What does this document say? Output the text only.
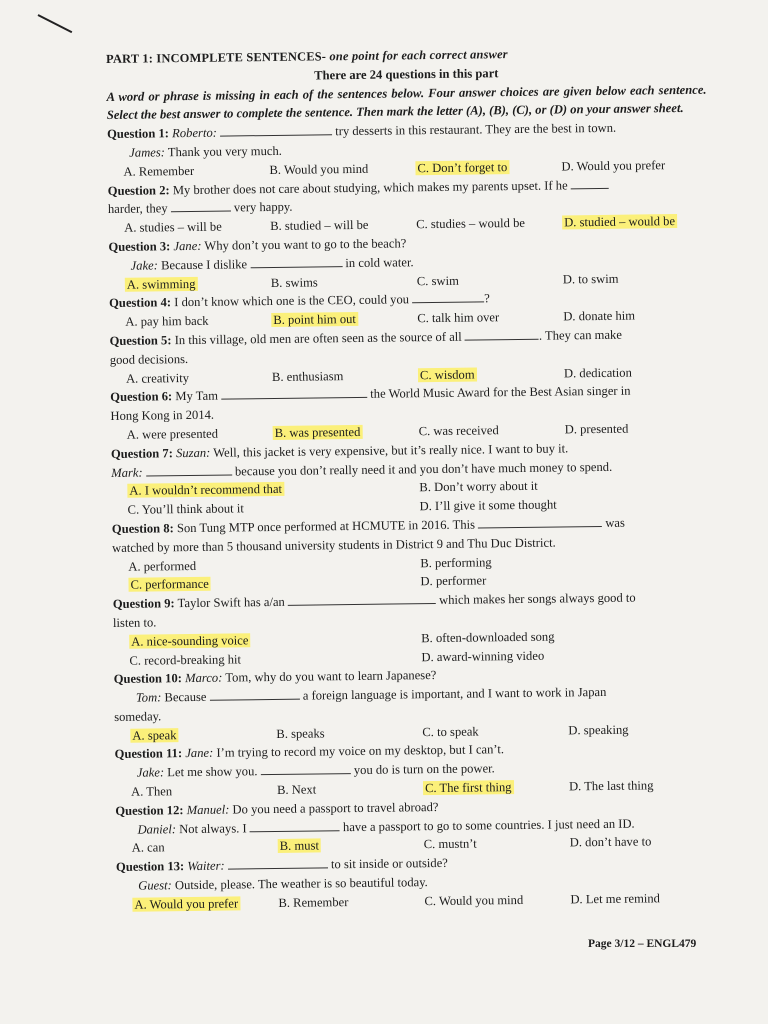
PART 1: INCOMPLETE SENTENCES- one point for each correct answer
There are 24 questions in this part
A word or phrase is missing in each of the sentences below. Four answer choices are given below each sentence. Select the best answer to complete the sentence. Then mark the letter (A), (B), (C), or (D) on your answer sheet.
Question 1: Roberto:	try desserts in this restaurant. They are the best in town.
James: Thank you very much.
A. Remember	B. Would you mind	C. Don’t forget to	D. Would you prefer
Question 2: My brother does not care about studying, which makes my parents upset. If he
harder, they	very happy.
A. studies – will be	B. studied – will be	C. studies – would be	D. studied – would be
Question 3: Jane: Why don’t you want to go to the beach?
Jake: Because I dislike	in cold water.
A. swimming	B. swims	C. swim	D. to swim
Question 4: I don’t know which one is the CEO, could you	?
A. pay him back	B. point him out	C. talk him over	D. donate him
Question 5: In this village, old men are often seen as the source of all	. They can make
good decisions.
A. creativity	B. enthusiasm	C. wisdom	D. dedication
Question 6: My Tam	the World Music Award for the Best Asian singer in
Hong Kong in 2014.
A. were presented	B. was presented	C. was received	D. presented
Question 7: Suzan: Well, this jacket is very expensive, but it’s really nice. I want to buy it.
Mark:	because you don’t really need it and you don’t have much money to spend.
A. I wouldn’t recommend that	B. Don’t worry about it
C. You’ll think about it	D. I’ll give it some thought
Question 8: Son Tung MTP once performed at HCMUTE in 2016. This	was
watched by more than 5 thousand university students in District 9 and Thu Duc District.
A. performed	B. performing
C. performance	D. performer
Question 9: Taylor Swift has a/an	which makes her songs always good to
listen to.
A. nice-sounding voice	B. often-downloaded song
C. record-breaking hit	D. award-winning video
Question 10: Marco: Tom, why do you want to learn Japanese?
Tom: Because	a foreign language is important, and I want to work in Japan
someday.
A. speak	B. speaks	C. to speak	D. speaking
Question 11: Jane: I’m trying to record my voice on my desktop, but I can’t.
Jake: Let me show you.	you do is turn on the power.
A. Then	B. Next	C. The first thing	D. The last thing
Question 12: Manuel: Do you need a passport to travel abroad?
Daniel: Not always. I	have a passport to go to some countries. I just need an ID.
A. can	B. must	C. mustn’t	D. don’t have to
Question 13: Waiter:	to sit inside or outside?
Guest: Outside, please. The weather is so beautiful today.
A. Would you prefer	B. Remember	C. Would you mind	D. Let me remind
Page 3/12 – ENGL479
